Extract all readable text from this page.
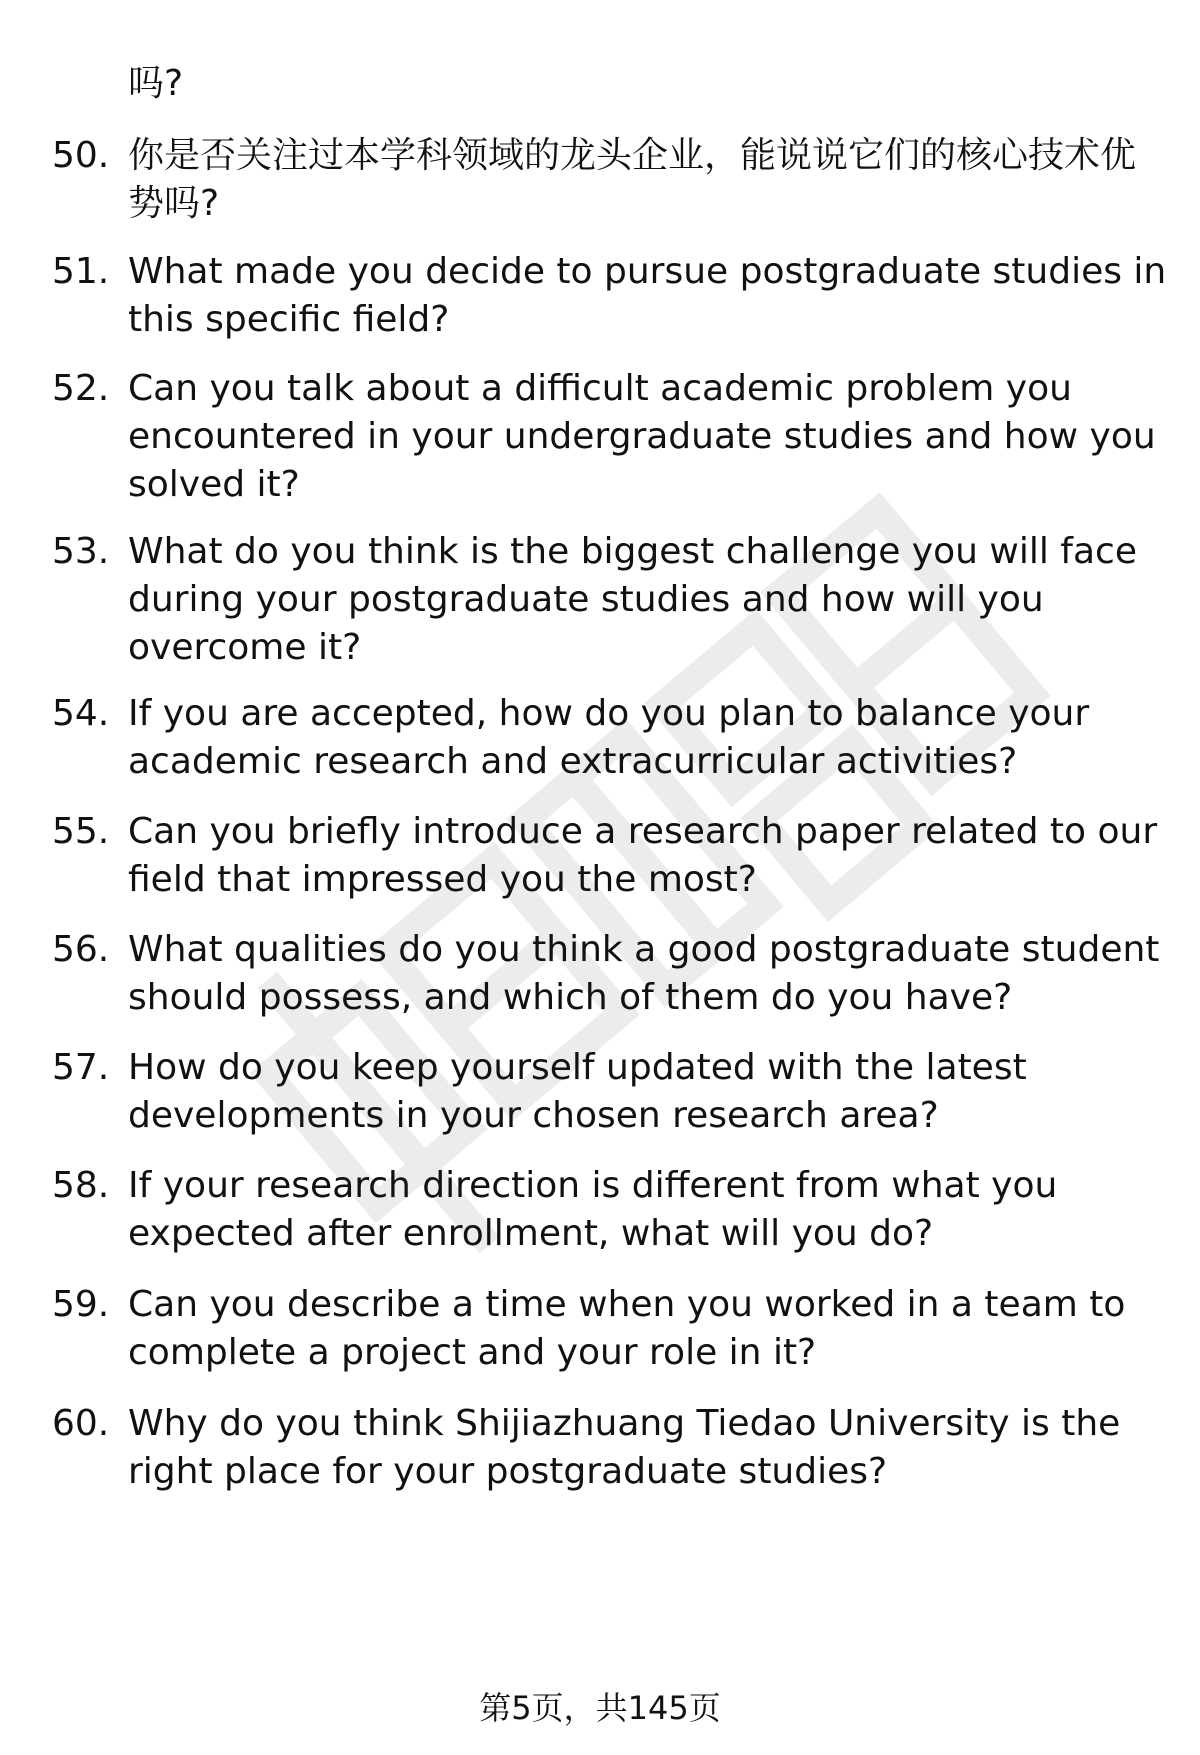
吗?
50. 你是否关注过本学科领域的龙头企业，能说说它们的核心技术优
势吗?
51. What made you decide to pursue postgraduate studies in
this specific field?
52. Can you talk about a difficult academic problem you
encountered in your undergraduate studies and how you
solved it?
53. What do you think is the biggest challenge you will face
during your postgraduate studies and how will you
overcome it?
54. If you are accepted, how do you plan to balance your
academic research and extracurricular activities?
55. Can you briefly introduce a research paper related to our
field that impressed you the most?
56. What qualities do you think a good postgraduate student
should possess, and which of them do you have?
57. How do you keep yourself updated with the latest
developments in your chosen research area?
58. If your research direction is different from what you
expected after enrollment, what will you do?
59. Can you describe a time when you worked in a team to
complete a project and your role in it?
60. Why do you think Shijiazhuang Tiedao University is the
right place for your postgraduate studies?
第5页，共145页
